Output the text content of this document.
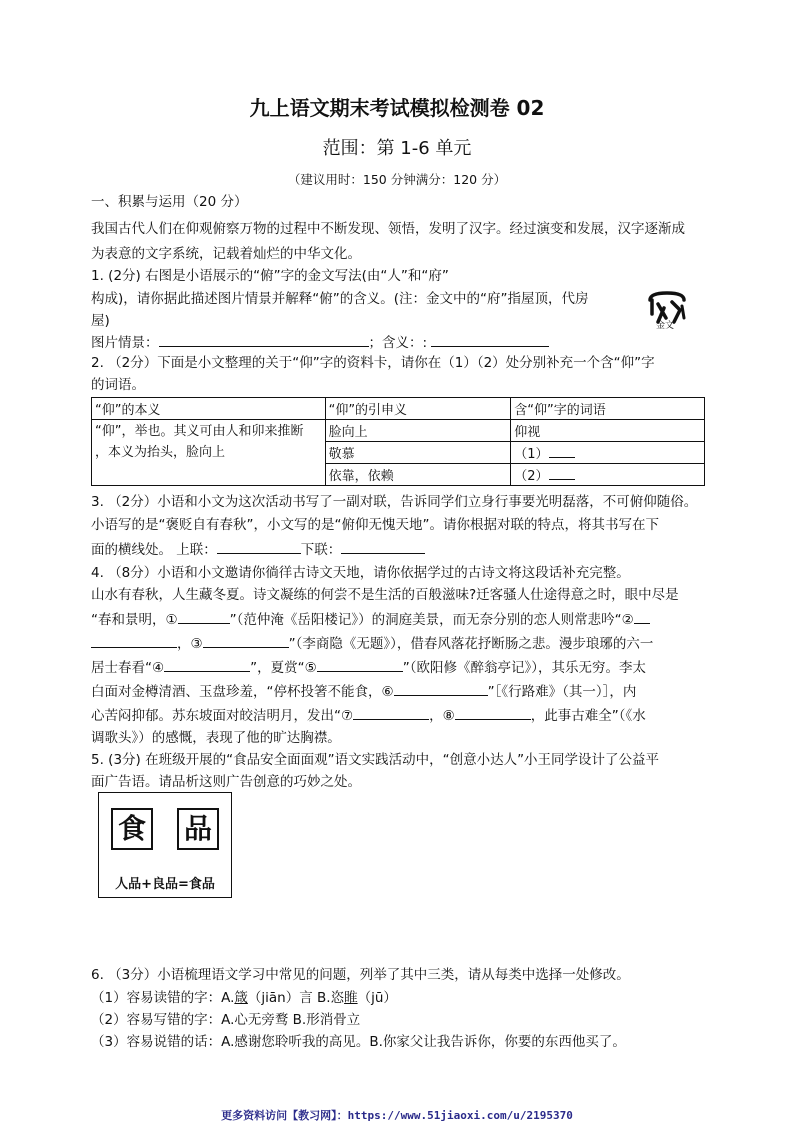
九上语文期末考试模拟检测卷 02
范围：第 1-6 单元
（建议用时：150 分钟满分：120 分）
一、积累与运用（20 分）
我国古代人们在仰观俯察万物的过程中不断发现、领悟，发明了汉字。经过演变和发展，汉字逐渐成
为表意的文字系统，记载着灿烂的中华文化。
1. (2分) 右图是小语展示的“俯”字的金文写法(由“人”和“府”
构成)，请你据此描述图片情景并解释“俯”的含义。(注：金文中的“府”指屋顶，代房
屋)
图片情景：	；含义：:
金文
2. （2分）下面是小文整理的关于“仰”字的资料卡，请你在（1）（2）处分别补充一个含“仰”字
的词语。
“仰”的本义	“仰”的引申义	含“仰”字的词语

“仰”，举也。其义可由人和卯来推断
，本义为抬头，脸向上	脸向上	仰视
	敬慕	（1）
	依靠，依赖	（2）
3. （2分）小语和小文为这次活动书写了一副对联，告诉同学们立身行事要光明磊落，不可俯仰随俗。
小语写的是“褒贬自有春秋”，小文写的是“俯仰无愧天地”。请你根据对联的特点，将其书写在下
面的横线处。 上联：	下联：
4. （8分）小语和小文邀请你徜徉古诗文天地，请你依据学过的古诗文将这段话补充完整。
山水有春秋，人生藏冬夏。诗文凝练的何尝不是生活的百般滋味?迁客骚人仕途得意之时，眼中尽是
“春和景明，①	”（范仲淹《岳阳楼记》）的洞庭美景，而无奈分别的恋人则常悲吟“②
，③	”（李商隐《无题》），借春风落花抒断肠之悲。漫步琅琊的六一
居士春看“④	”，夏赏“⑤	”（欧阳修《醉翁亭记》），其乐无穷。李太
白面对金樽清酒、玉盘珍羞，“停杯投箸不能食，⑥	”［《行路难》（其一）］，内
心苦闷抑郁。苏东坡面对皎洁明月，发出“⑦	，⑧	，此事古难全”（《水
调歌头》）的感慨，表现了他的旷达胸襟。
5. (3分) 在班级开展的“食品安全面面观”语文实践活动中，“创意小达人”小王同学设计了公益平
面广告语。请品析这则广告创意的巧妙之处。
食 品
人品+良品=食品
6. （3分）小语梳理语文学习中常见的问题，列举了其中三类，请从每类中选择一处修改。
（1）容易读错的字：A.箴（jiān）言 B.恣睢（jū）
（2）容易写错的字：A.心无旁鹜 B.形消骨立
（3）容易说错的话：A.感谢您聆听我的高见。B.你家父让我告诉你，你要的东西他买了。
更多资料访问【教习网】：https://www.51jiaoxi.com/u/2195370
